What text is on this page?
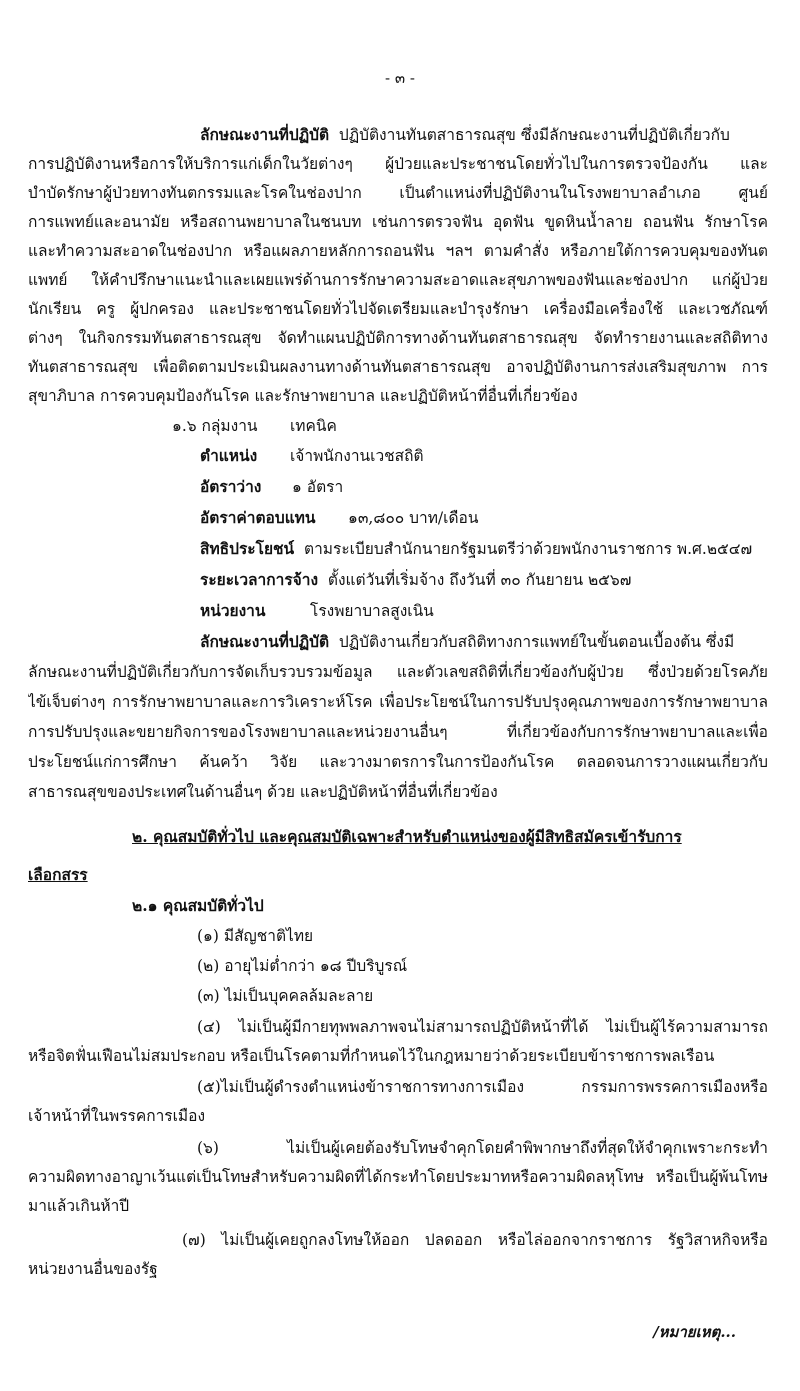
- ๓ -
ลักษณะงานที่ปฏิบัติ ปฏิบัติงานทันตสาธารณสุข ซึ่งมีลักษณะงานที่ปฏิบัติเกี่ยวกับ
การปฏิบัติงานหรือการให้บริการแก่เด็กในวัยต่างๆ ผู้ป่วยและประชาชนโดยทั่วไปในการตรวจป้องกัน และ
บำบัดรักษาผู้ป่วยทางทันตกรรมและโรคในช่องปาก เป็นตำแหน่งที่ปฏิบัติงานในโรงพยาบาลอำเภอ ศูนย์
การแพทย์และอนามัย หรือสถานพยาบาลในชนบท เช่นการตรวจฟัน อุดฟัน ขูดหินน้ำลาย ถอนฟัน รักษาโรค
และทำความสะอาดในช่องปาก หรือแผลภายหลักการถอนฟัน ฯลฯ ตามคำสั่ง หรือภายใต้การควบคุมของทันต
แพทย์ ให้คำปรึกษาแนะนำและเผยแพร่ด้านการรักษาความสะอาดและสุขภาพของฟันและช่องปาก แก่ผู้ป่วย
นักเรียน ครู ผู้ปกครอง และประชาชนโดยทั่วไปจัดเตรียมและบำรุงรักษา เครื่องมือเครื่องใช้ และเวชภัณฑ์
ต่างๆ ในกิจกรรมทันตสาธารณสุข จัดทำแผนปฏิบัติการทางด้านทันตสาธารณสุข จัดทำรายงานและสถิติทาง
ทันตสาธารณสุข เพื่อติดตามประเมินผลงานทางด้านทันตสาธารณสุข อาจปฏิบัติงานการส่งเสริมสุขภาพ การ
สุขาภิบาล การควบคุมป้องกันโรค และรักษาพยาบาล และปฏิบัติหน้าที่อื่นที่เกี่ยวข้อง
๑.๖ กลุ่มงาน เทคนิค
ตำแหน่ง เจ้าพนักงานเวชสถิติ
อัตราว่าง ๑ อัตรา
อัตราค่าตอบแทน ๑๓,๘๐๐ บาท/เดือน
สิทธิประโยชน์ ตามระเบียบสำนักนายกรัฐมนตรีว่าด้วยพนักงานราชการ พ.ศ.๒๕๔๗
ระยะเวลาการจ้าง ตั้งแต่วันที่เริ่มจ้าง ถึงวันที่ ๓๐ กันยายน ๒๕๖๗
หน่วยงาน	โรงพยาบาลสูงเนิน
ลักษณะงานที่ปฏิบัติ ปฏิบัติงานเกี่ยวกับสถิติทางการแพทย์ในขั้นตอนเบื้องต้น ซึ่งมี
ลักษณะงานที่ปฏิบัติเกี่ยวกับการจัดเก็บรวบรวมข้อมูล และตัวเลขสถิติที่เกี่ยวข้องกับผู้ป่วย ซึ่งป่วยด้วยโรคภัย
ไข้เจ็บต่างๆ การรักษาพยาบาลและการวิเคราะห์โรค เพื่อประโยชน์ในการปรับปรุงคุณภาพของการรักษาพยาบาล
การปรับปรุงและขยายกิจการของโรงพยาบาลและหน่วยงานอื่นๆ ที่เกี่ยวข้องกับการรักษาพยาบาลและเพื่อ
ประโยชน์แก่การศึกษา ค้นคว้า วิจัย และวางมาตรการในการป้องกันโรค ตลอดจนการวางแผนเกี่ยวกับ
สาธารณสุขของประเทศในด้านอื่นๆ ด้วย และปฏิบัติหน้าที่อื่นที่เกี่ยวข้อง
๒. คุณสมบัติทั่วไป และคุณสมบัติเฉพาะสำหรับตำแหน่งของผู้มีสิทธิสมัครเข้ารับการ
เลือกสรร
๒.๑ คุณสมบัติทั่วไป
(๑) มีสัญชาติไทย
(๒) อายุไม่ต่ำกว่า ๑๘ ปีบริบูรณ์
(๓) ไม่เป็นบุคคลล้มละลาย
(๔) ไม่เป็นผู้มีกายทุพพลภาพจนไม่สามารถปฏิบัติหน้าที่ได้ ไม่เป็นผู้ไร้ความสามารถ
หรือจิตฟั่นเฟือนไม่สมประกอบ หรือเป็นโรคตามที่กำหนดไว้ในกฎหมายว่าด้วยระเบียบข้าราชการพลเรือน
(๕)ไม่เป็นผู้ดำรงตำแหน่งข้าราชการทางการเมือง กรรมการพรรคการเมืองหรือ
เจ้าหน้าที่ในพรรคการเมือง
(๖) ไม่เป็นผู้เคยต้องรับโทษจำคุกโดยคำพิพากษาถึงที่สุดให้จำคุกเพราะกระทำ
ความผิดทางอาญาเว้นแต่เป็นโทษสำหรับความผิดที่ได้กระทำโดยประมาทหรือความผิดลหุโทษ หรือเป็นผู้พ้นโทษ
มาแล้วเกินห้าปี
(๗) ไม่เป็นผู้เคยถูกลงโทษให้ออก ปลดออก หรือไล่ออกจากราชการ รัฐวิสาหกิจหรือ
หน่วยงานอื่นของรัฐ
/หมายเหตุ...
